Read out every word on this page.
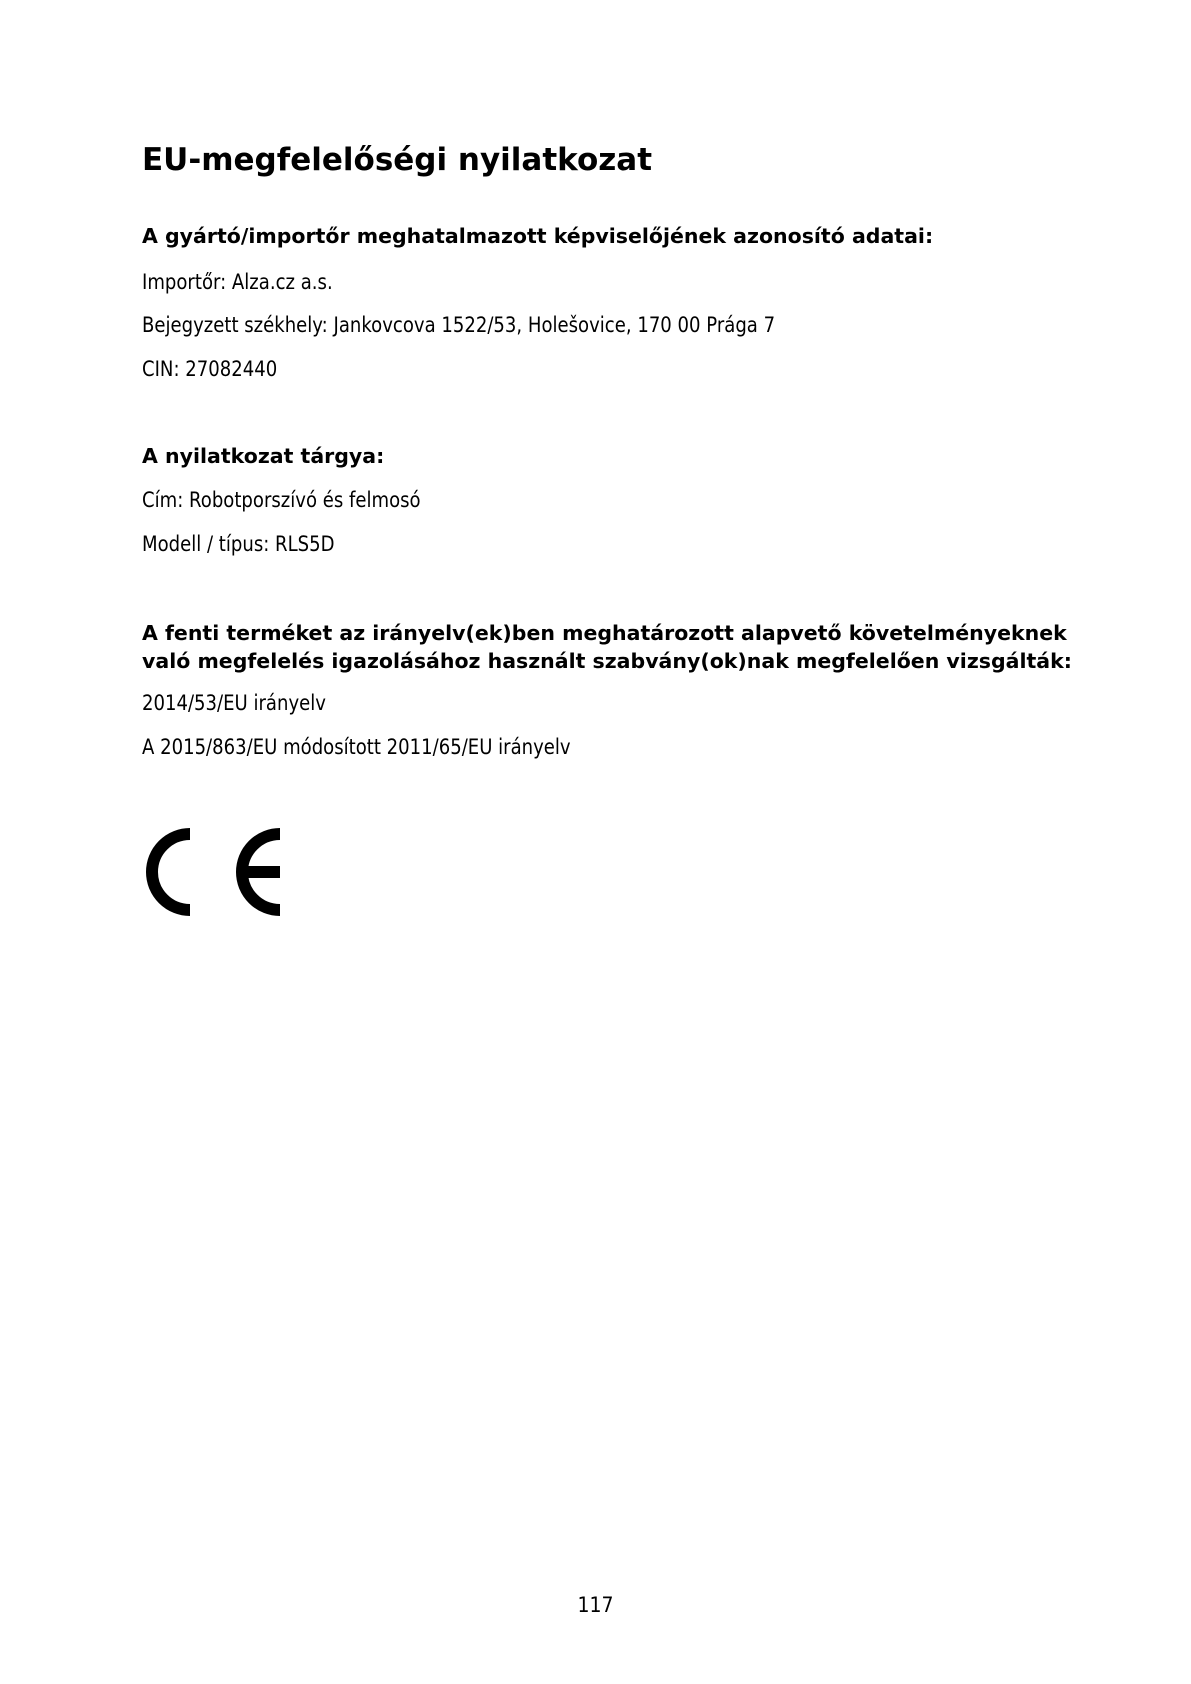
EU-megfelelőségi nyilatkozat
A gyártó/importőr meghatalmazott képviselőjének azonosító adatai:

Importőr: Alza.cz a.s.

Bejegyzett székhely: Jankovcova 1522/53, Holešovice, 170 00 Prága 7

CIN: 27082440

A nyilatkozat tárgya:

Cím: Robotporszívó és felmosó

Modell / típus: RLS5D

A fenti terméket az irányelv(ek)ben meghatározott alapvető követelményeknek
való megfelelés igazolásához használt szabvány(ok)nak megfelelően vizsgálták:

2014/53/EU irányelv

A 2015/863/EU módosított 2011/65/EU irányelv

117
